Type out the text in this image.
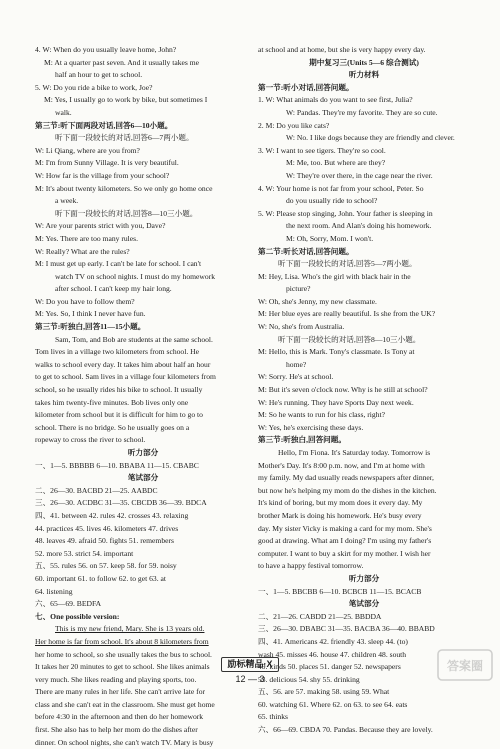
4. W: When do you usually leave home, John?
M: At a quarter past seven. And it usually takes me
half an hour to get to school.
5. W: Do you ride a bike to work, Joe?
M: Yes, I usually go to work by bike, but sometimes I
walk.
第三节:听下面两段对话,回答6—10小题。
听下面一段较长的对话,回答6—7两小题。
W: Li Qiang, where are you from?
M: I'm from Sunny Village. It is very beautiful.
W: How far is the village from your school?
M: It's about twenty kilometers. So we only go home once
a week.
听下面一段较长的对话,回答8—10三小题。
W: Are your parents strict with you, Dave?
M: Yes. There are too many rules.
W: Really? What are the rules?
M: I must get up early. I can't be late for school. I can't
watch TV on school nights. I must do my homework
after school. I can't keep my hair long.
W: Do you have to follow them?
M: Yes. So, I think I never have fun.
第三节:听独白,回答11—15小题。
Sam, Tom, and Bob are students at the same school.
Tom lives in a village two kilometers from school. He
walks to school every day. It takes him about half an hour
to get to school. Sam lives in a village four kilometers from
school, so he usually rides his bike to school. It usually
takes him twenty-five minutes. Bob lives only one
kilometer from school but it is difficult for him to go to
school. There is no bridge. So he usually goes on a
ropeway to cross the river to school.
听力部分
一、1—5. BBBBB 6—10. BBABA 11—15. CBABC
笔试部分
二、26—30. BACBD 21—25. AABDC
三、26—30. ACDBC 31—35. CBCDB 36—39. BDCA
四、41. between 42. rules 42. crosses 43. relaxing
44. practices 45. lives 46. kilometers 47. drives
48. leaves 49. afraid 50. fights 51. remembers
52. more 53. strict 54. important
五、55. rules 56. on 57. keep 58. for 59. noisy
60. important 61. to follow 62. to get 63. at
64. listening
六、65—69. BEDFA
七、One possible version:
This is my new friend, Mary. She is 13 years old.
Her home is far from school. It's about 8 kilometers from
her home to school, so she usually takes the bus to school.
It takes her 20 minutes to get to school. She likes animals
very much. She likes reading and playing sports, too.
There are many rules in her life. She can't arrive late for
class and she can't eat in the classroom. She must get home
before 4:30 in the afternoon and then do her homework
first. She also has to help her mom do the dishes after
dinner. On school nights, she can't watch TV. Mary is busy
at school and at home, but she is very happy every day.
期中复习三(Units 5—6 综合测试)
听力材料
第一节:听小对话,回答问题。
1. W: What animals do you want to see first, Julia?
W: Pandas. They're my favorite. They are so cute.
2. M: Do you like cats?
W: No. I like dogs because they are friendly and clever.
3. W: I want to see tigers. They're so cool.
M: Me, too. But where are they?
W: They're over there, in the cage near the river.
4. W: Your home is not far from your school, Peter. So
do you usually ride to school?
5. W: Please stop singing, John. Your father is sleeping in
the next room. And Alan's doing his homework.
M: Oh, Sorry, Mom. I won't.
第二节:听长对话,回答问题。
听下面一段较长的对话,回答5—7两小题。
M: Hey, Lisa. Who's the girl with black hair in the
picture?
W: Oh, she's Jenny, my new classmate.
M: Her blue eyes are really beautiful. Is she from the UK?
W: No, she's from Australia.
听下面一段较长的对话,回答8—10三小题。
M: Hello, this is Mark. Tony's classmate. Is Tony at
home?
W: Sorry. He's at school.
M: But it's seven o'clock now. Why is he still at school?
W: He's running. They have Sports Day next week.
M: So he wants to run for his class, right?
W: Yes, he's exercising these days.
第三节:听独白,回答问题。
Hello, I'm Fiona. It's Saturday today. Tomorrow is
Mother's Day. It's 8:00 p.m. now, and I'm at home with
my family. My dad usually reads newspapers after dinner,
but now he's helping my mom do the dishes in the kitchen.
It's kind of boring, but my mom does it every day. My
brother Mark is doing his homework. He's busy every
day. My sister Vicky is making a card for my mom. She's
good at drawing. What am I doing? I'm using my father's
computer. I want to buy a skirt for my mother. I wish her
to have a happy festival tomorrow.
听力部分
一、1—5. BBCBB 6—10. BCBCB 11—15. BCACB
笔试部分
二、21—26. CABDD 21—25. BBDDA
三、26—30. DBABC 31—35. BACBA 36—40. BBABD
四、41. Americans 42. friendly 43. sleep 44. (to)
wash 45. misses 46. house 47. children 48. south
49. kinds 50. places 51. danger 52. newspapers
53. delicious 54. shy 55. drinking
五、56. are 57. making 58. using 59. What
60. watching 61. Where 62. on 63. to see 64. eats
65. thinks
六、66—69. CBDA 70. Pandas. Because they are lovely.
励标精品·X
12 — 3
答案圈
